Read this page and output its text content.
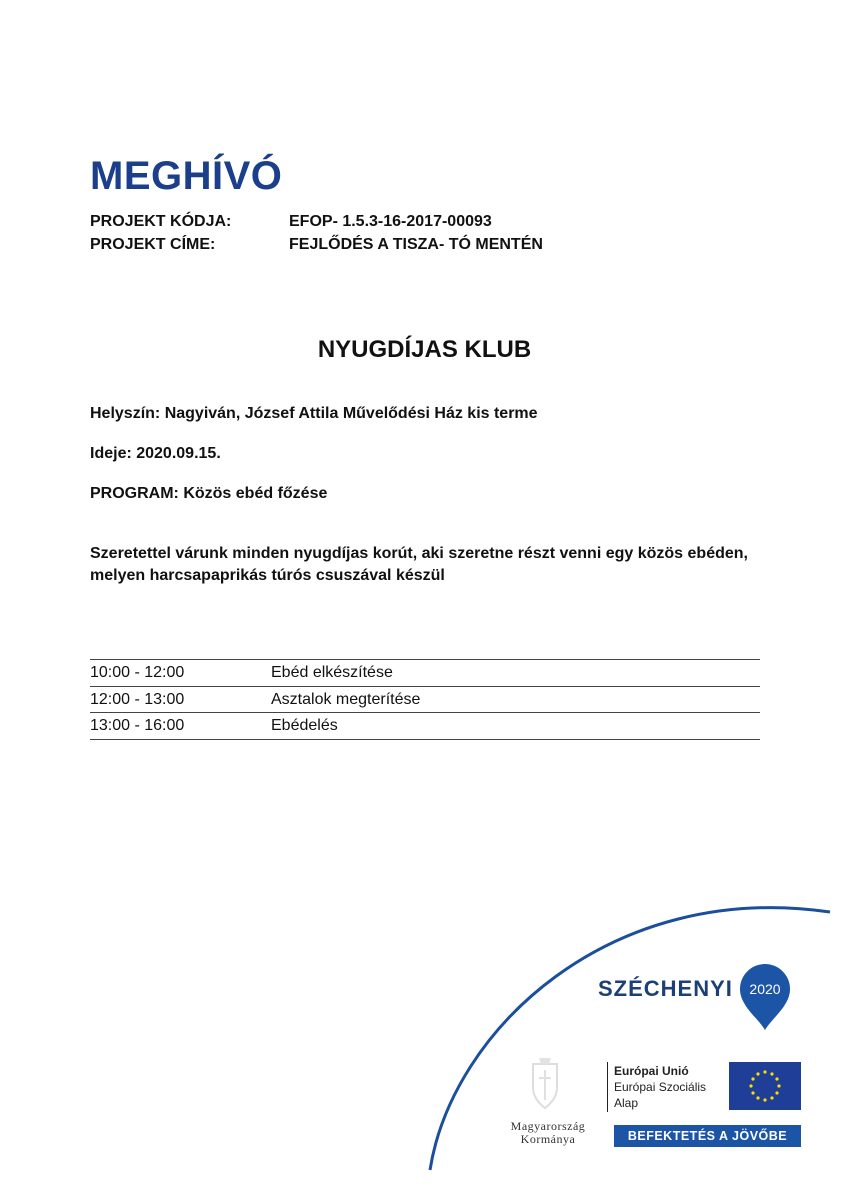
MEGHÍVÓ
PROJEKT KÓDJA:	EFOP- 1.5.3-16-2017-00093
PROJEKT CÍME:	FEJLŐDÉS A TISZA- TÓ MENTÉN
NYUGDÍJAS KLUB
Helyszín: Nagyiván, József Attila Művelődési Ház kis terme
Ideje: 2020.09.15.
PROGRAM: Közös ebéd főzése
Szeretettel várunk minden nyugdíjas korút, aki szeretne részt venni egy közös ebéden, melyen harcsapaprikás túrós csuszával készül
10:00 - 12:00	Ebéd elkészítése
12:00 - 13:00	Asztalok megterítése
13:00 - 16:00	Ebédelés
SZÉCHENYI 2020
Magyarország
Kormánya
Európai Unió
Európai Szociális
Alap
BEFEKTETÉS A JÖVŐBE
